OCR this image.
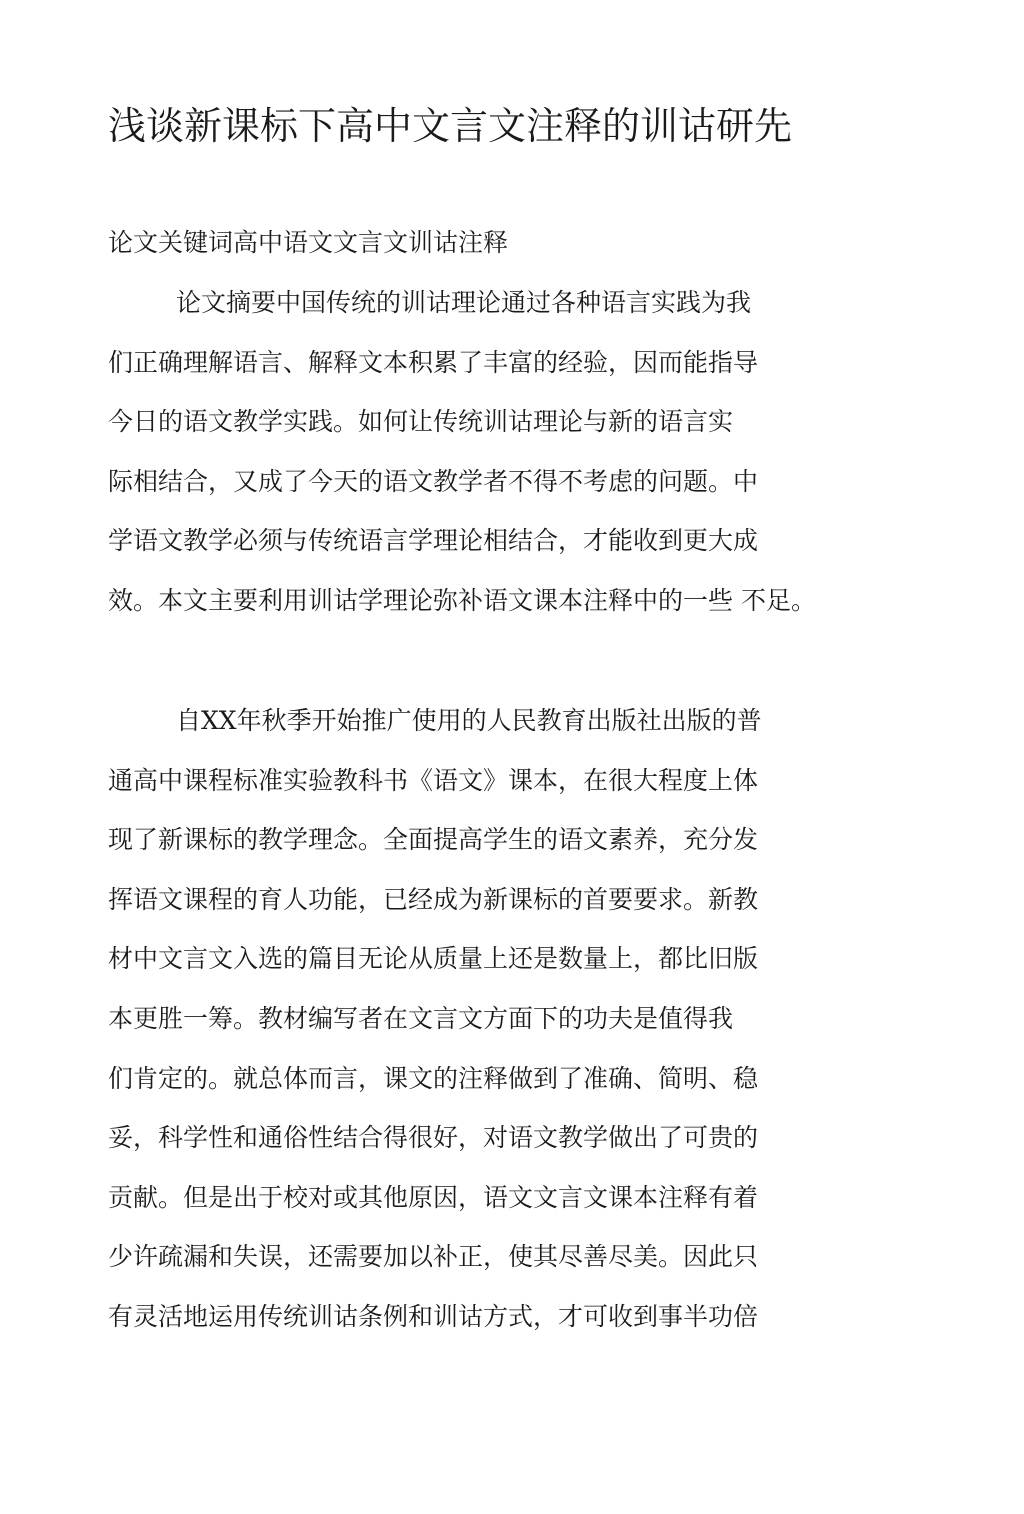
浅谈新课标下高中文言文注释的训诂研先
论文关键词高中语文文言文训诂注释
论文摘要中国传统的训诂理论通过各种语言实践为我
们正确理解语言、解释文本积累了丰富的经验，因而能指导
今日的语文教学实践。如何让传统训诂理论与新的语言实
际相结合，又成了今天的语文教学者不得不考虑的问题。中
学语文教学必须与传统语言学理论相结合，才能收到更大成
效。本文主要利用训诂学理论弥补语文课本注释中的一些 不足。
自XX年秋季开始推广使用的人民教育出版社出版的普
通高中课程标准实验教科书《语文》课本，在很大程度上体
现了新课标的教学理念。全面提高学生的语文素养，充分发
挥语文课程的育人功能，已经成为新课标的首要要求。新教
材中文言文入选的篇目无论从质量上还是数量上，都比旧版
本更胜一筹。教材编写者在文言文方面下的功夫是值得我
们肯定的。就总体而言，课文的注释做到了准确、简明、稳
妥，科学性和通俗性结合得很好，对语文教学做出了可贵的
贡献。但是出于校对或其他原因，语文文言文课本注释有着
少许疏漏和失误，还需要加以补正，使其尽善尽美。因此只
有灵活地运用传统训诂条例和训诂方式，才可收到事半功倍
